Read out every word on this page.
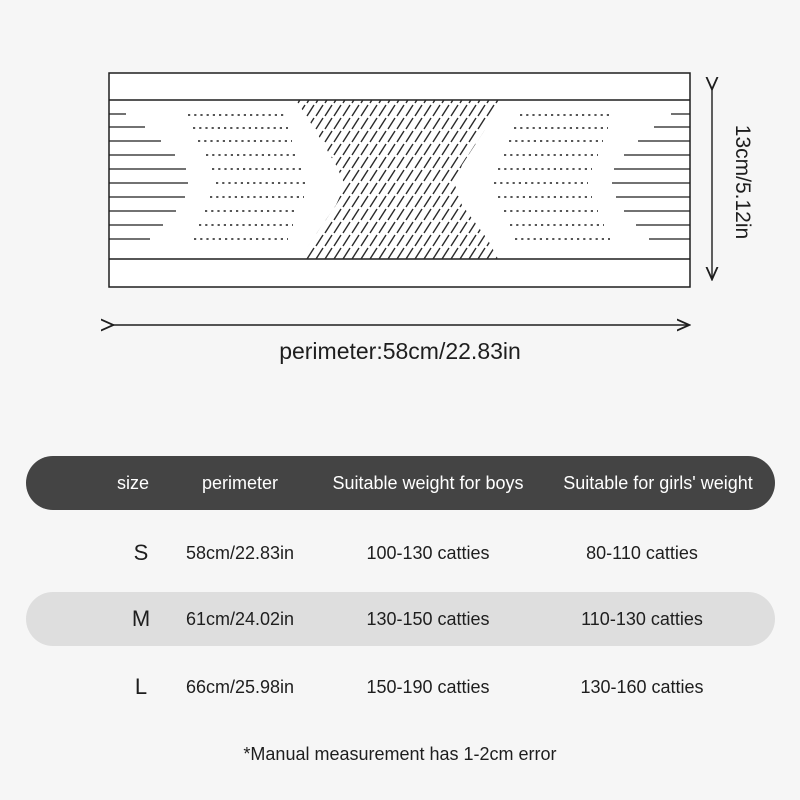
13cm/5.12in
perimeter:58cm/22.83in
size	perimeter	Suitable weight for boys	Suitable for girls' weight
S	58cm/22.83in	100-130 catties	80-110 catties
M	61cm/24.02in	130-150 catties	110-130 catties
L	66cm/25.98in	150-190 catties	130-160 catties
*Manual measurement has 1-2cm error
